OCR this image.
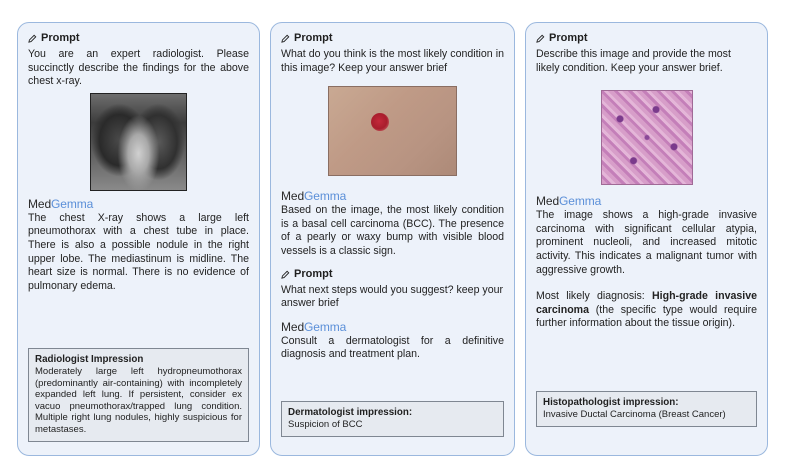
Prompt
You are an expert radiologist. Please succinctly describe the findings for the above chest x-ray.
MedGemma
The chest X-ray shows a large left pneumothorax with a chest tube in place. There is also a possible nodule in the right upper lobe. The mediastinum is midline. The heart size is normal. There is no evidence of pulmonary edema.
Radiologist Impression
Moderately large left hydropneumothorax (predominantly air-containing) with incompletely expanded left lung. If persistent, consider ex vacuo pneumothorax/trapped lung condition. Multiple right lung nodules, highly suspicious for metastases.
Prompt
What do you think is the most likely condition in this image? Keep your answer brief
MedGemma
Based on the image, the most likely condition is a basal cell carcinoma (BCC). The presence of a pearly or waxy bump with visible blood vessels is a classic sign.
Prompt
What next steps would you suggest? keep your answer brief
MedGemma
Consult a dermatologist for a definitive diagnosis and treatment plan.
Dermatologist impression:
Suspicion of BCC
Prompt
Describe this image and provide the most likely condition. Keep your answer brief.
MedGemma
The image shows a high-grade invasive carcinoma with significant cellular atypia, prominent nucleoli, and increased mitotic activity. This indicates a malignant tumor with aggressive growth.
Most likely diagnosis: High-grade invasive carcinoma (the specific type would require further information about the tissue origin).
Histopathologist impression:
Invasive Ductal Carcinoma (Breast Cancer)
